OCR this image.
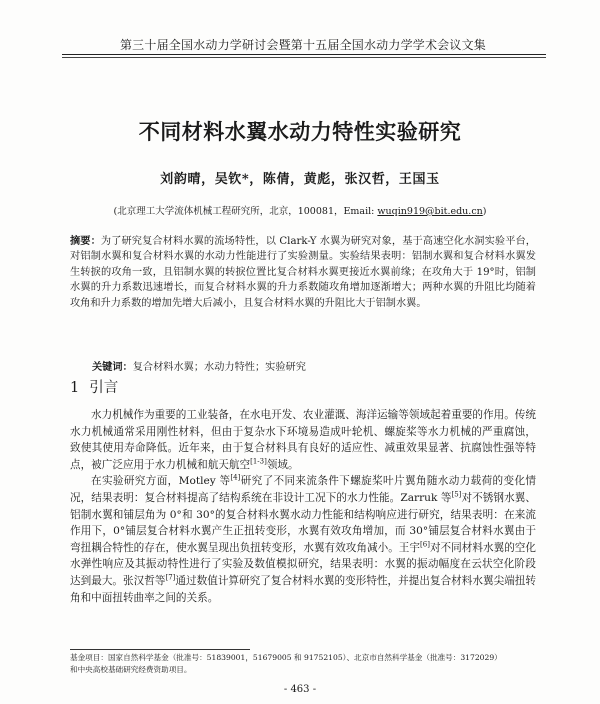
第三十届全国水动力学研讨会暨第十五届全国水动力学学术会议文集
不同材料水翼水动力特性实验研究
刘韵晴，吴钦*，陈倩，黄彪，张汉哲，王国玉
(北京理工大学流体机械工程研究所，北京，100081，Email: wuqin919@bit.edu.cn)
摘要：为了研究复合材料水翼的流场特性，以 Clark-Y 水翼为研究对象，基于高速空化水洞实验平台，对铝制水翼和复合材料水翼的水动力性能进行了实验测量。实验结果表明：铝制水翼和复合材料水翼发生转捩的攻角一致，且铝制水翼的转捩位置比复合材料水翼更接近水翼前缘；在攻角大于 19°时，铝制水翼的升力系数迅速增长，而复合材料水翼的升力系数随攻角增加逐渐增大；两种水翼的升阻比均随着攻角和升力系数的增加先增大后减小，且复合材料水翼的升阻比大于铝制水翼。
关键词：复合材料水翼；水动力特性；实验研究
1 引言

水力机械作为重要的工业装备，在水电开发、农业灌溉、海洋运输等领域起着重要的作用。传统水力机械通常采用刚性材料，但由于复杂水下环境易造成叶轮机、螺旋桨等水力机械的严重腐蚀，致使其使用寿命降低。近年来，由于复合材料具有良好的适应性、减重效果显著、抗腐蚀性强等特点，被广泛应用于水力机械和航天航空[1-3]领域。

在实验研究方面，Motley 等[4]研究了不同来流条件下螺旋桨叶片翼角随水动力载荷的变化情况，结果表明：复合材料提高了结构系统在非设计工况下的水力性能。Zarruk 等[5]对不锈钢水翼、铝制水翼和铺层角为 0°和 30°的复合材料水翼水动力性能和结构响应进行研究，结果表明：在来流作用下，0°铺层复合材料水翼产生正扭转变形，水翼有效攻角增加，而 30°铺层复合材料水翼由于弯扭耦合特性的存在，使水翼呈现出负扭转变形，水翼有效攻角减小。王宇[6]对不同材料水翼的空化水弹性响应及其振动特性进行了实验及数值模拟研究，结果表明：水翼的振动幅度在云状空化阶段达到最大。张汉哲等[7]通过数值计算研究了复合材料水翼的变形特性，并提出复合材料水翼尖端扭转角和中面扭转曲率之间的关系。

基金项目：国家自然科学基金（批准号：51839001，51679005 和 91752105）、北京市自然科学基金（批准号：3172029）
和中央高校基础研究经费资助项目。
- 463 -
